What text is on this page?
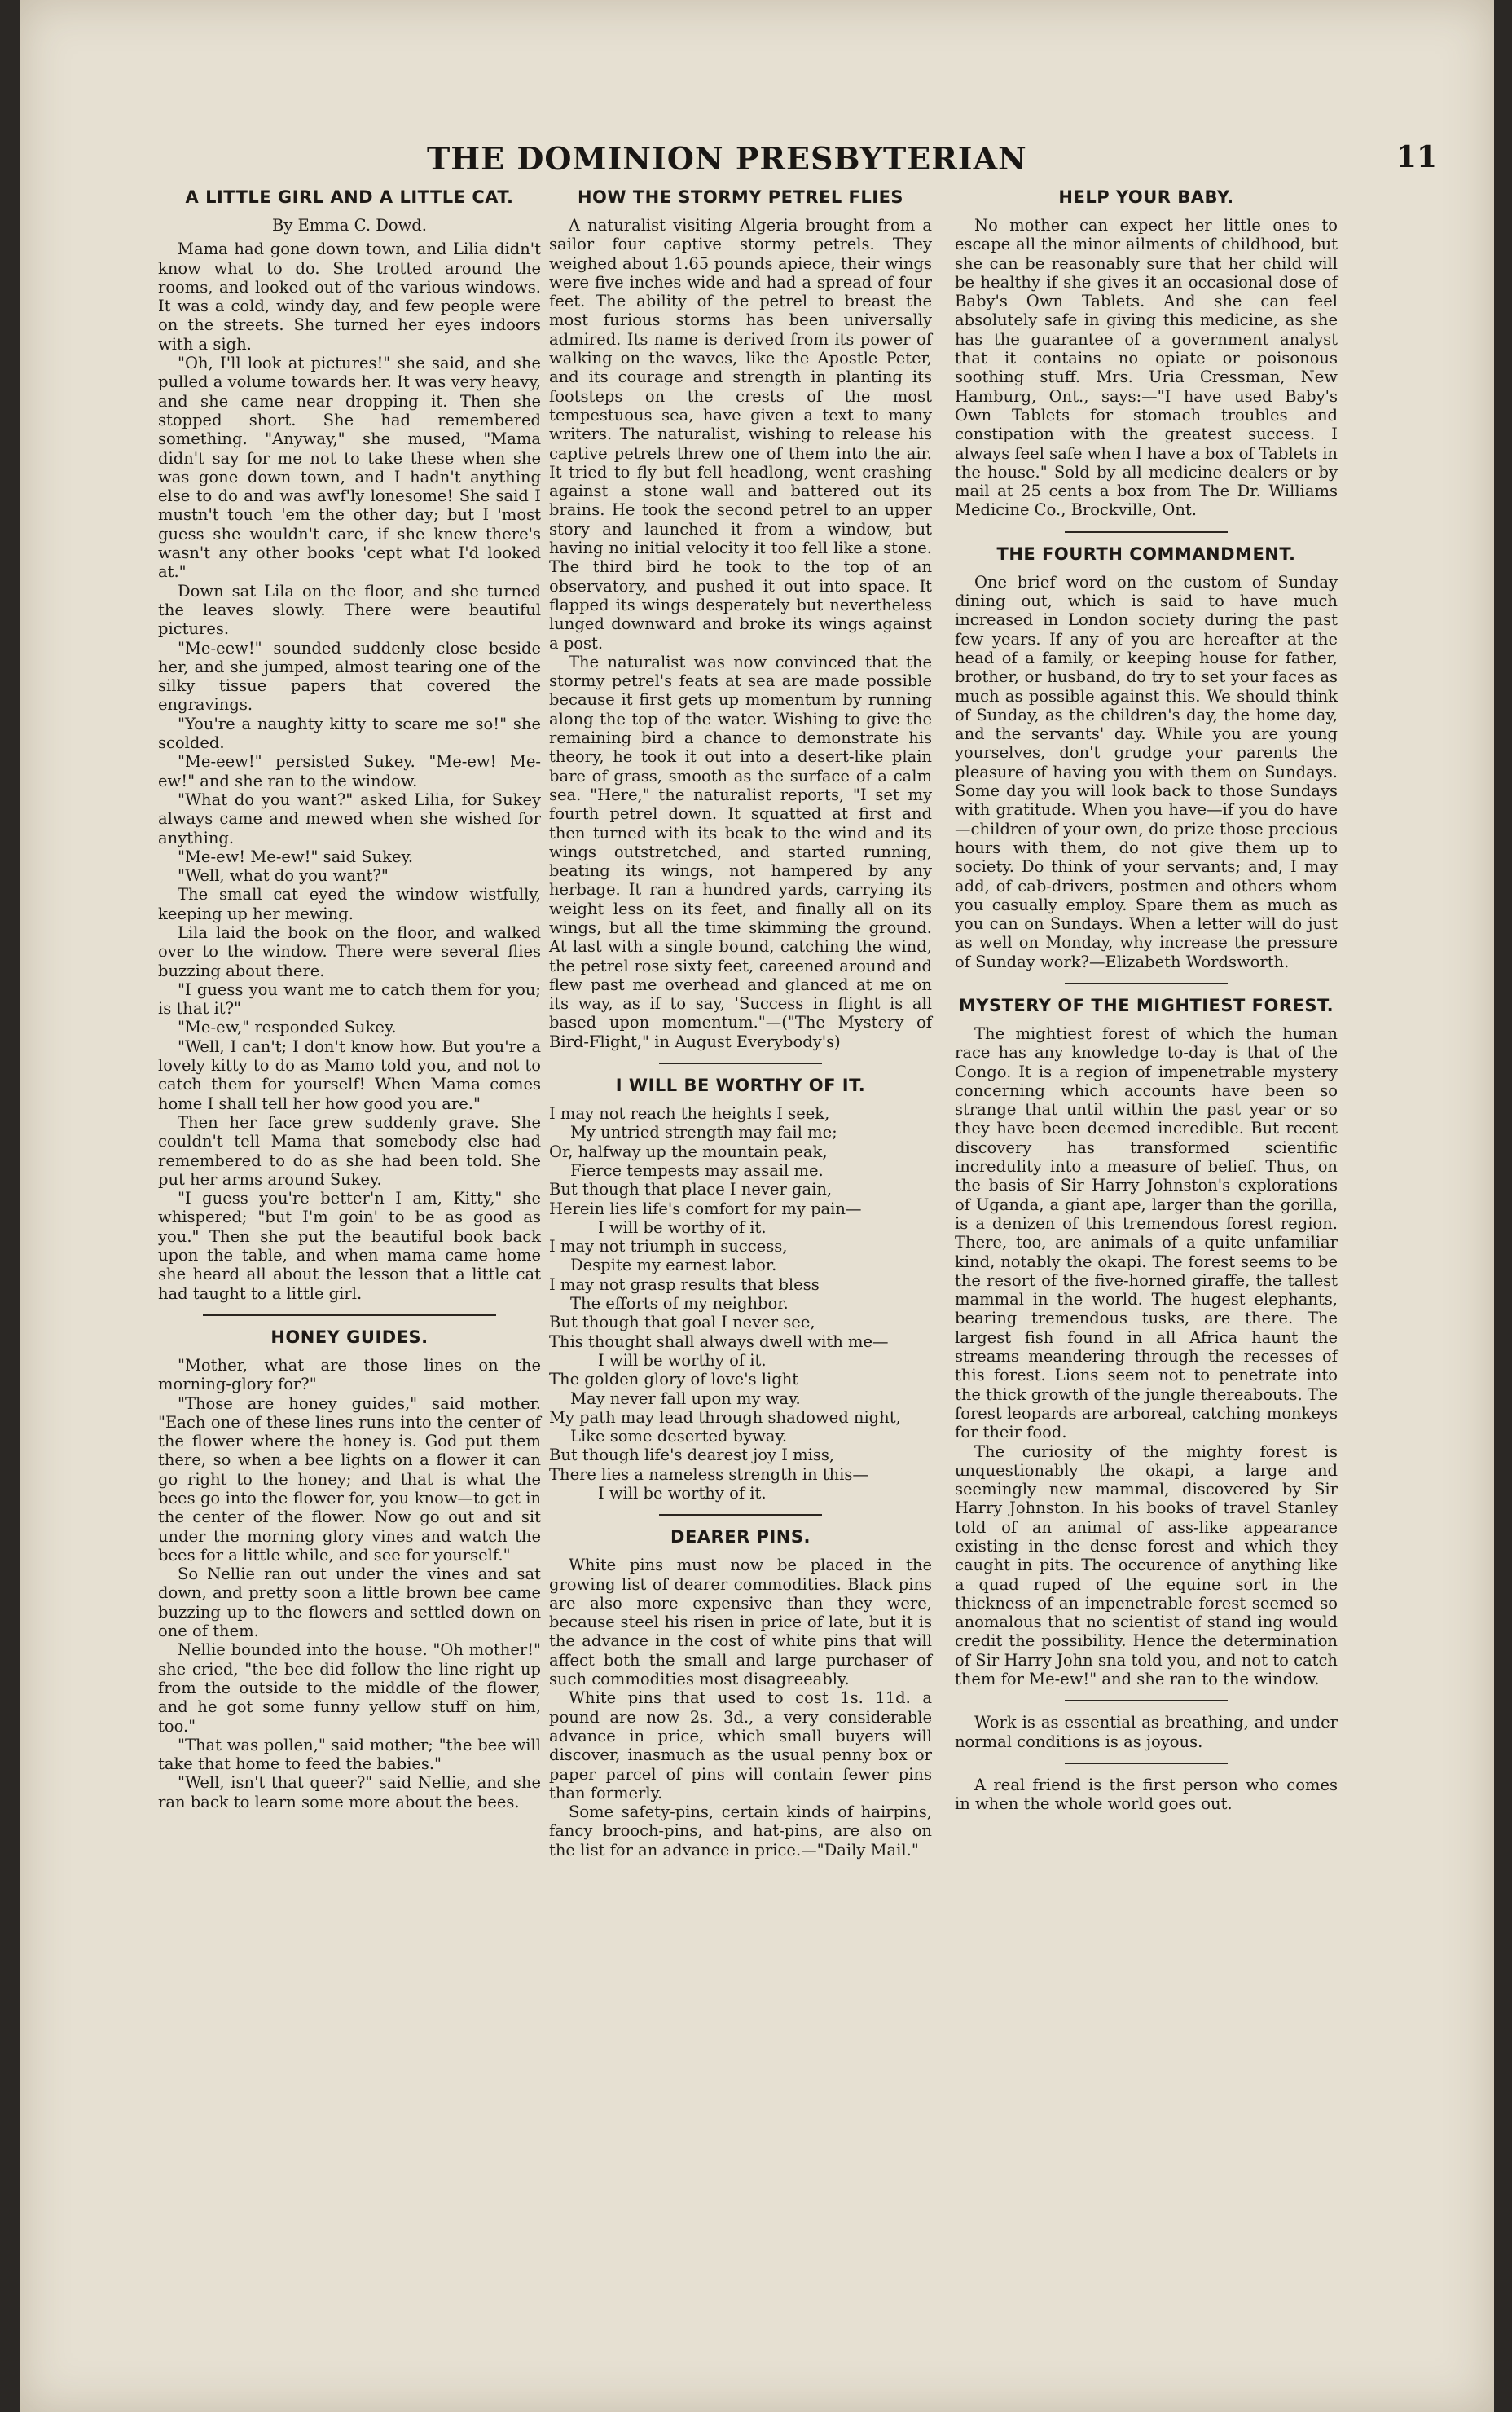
THE DOMINION PRESBYTERIAN	11
A LITTLE GIRL AND A LITTLE CAT.
By Emma C. Dowd.

Mama had gone down town, and Lilia didn't know what to do. She trotted around the rooms, and looked out of the various windows. It was a cold, windy day, and few people were on the streets. She turned her eyes indoors with a sigh.

"Oh, I'll look at pictures!" she said, and she pulled a volume towards her. It was very heavy, and she came near dropping it. Then she stopped short. She had remembered something. "Anyway," she mused, "Mama didn't say for me not to take these when she was gone down town, and I hadn't anything else to do and was awf'ly lonesome! She said I mustn't touch 'em the other day; but I 'most guess she wouldn't care, if she knew there's wasn't any other books 'cept what I'd looked at."

Down sat Lila on the floor, and she turned the leaves slowly. There were beautiful pictures.

"Me-eew!" sounded suddenly close beside her, and she jumped, almost tearing one of the silky tissue papers that covered the engravings.

"You're a naughty kitty to scare me so!" she scolded.

"Me-eew!" persisted Sukey. "Me-ew! Me-ew!" and she ran to the window.

"What do you want?" asked Lilia, for Sukey always came and mewed when she wished for anything.

"Me-ew! Me-ew!" said Sukey.

"Well, what do you want?"

The small cat eyed the window wistfully, keeping up her mewing.

Lila laid the book on the floor, and walked over to the window. There were several flies buzzing about there.

"I guess you want me to catch them for you; is that it?"

"Me-ew," responded Sukey.

"Well, I can't; I don't know how. But you're a lovely kitty to do as Mamo told you, and not to catch them for yourself! When Mama comes home I shall tell her how good you are."

Then her face grew suddenly grave. She couldn't tell Mama that somebody else had remembered to do as she had been told. She put her arms around Sukey.

"I guess you're better'n I am, Kitty," she whispered; "but I'm goin' to be as good as you." Then she put the beautiful book back upon the table, and when mama came home she heard all about the lesson that a little cat had taught to a little girl.

HONEY GUIDES.

"Mother, what are those lines on the morning-glory for?"

"Those are honey guides," said mother. "Each one of these lines runs into the center of the flower where the honey is. God put them there, so when a bee lights on a flower it can go right to the honey; and that is what the bees go into the flower for, you know—to get in the center of the flower. Now go out and sit under the morning glory vines and watch the bees for a little while, and see for yourself."

So Nellie ran out under the vines and sat down, and pretty soon a little brown bee came buzzing up to the flowers and settled down on one of them.

Nellie bounded into the house. "Oh mother!" she cried, "the bee did follow the line right up from the outside to the middle of the flower, and he got some funny yellow stuff on him, too."

"That was pollen," said mother; "the bee will take that home to feed the babies."

"Well, isn't that queer?" said Nellie, and she ran back to learn some more about the bees.

HOW THE STORMY PETREL FLIES

A naturalist visiting Algeria brought from a sailor four captive stormy petrels. They weighed about 1.65 pounds apiece, their wings were five inches wide and had a spread of four feet. The ability of the petrel to breast the most furious storms has been universally admired. Its name is derived from its power of walking on the waves, like the Apostle Peter, and its courage and strength in planting its footsteps on the crests of the most tempestuous sea, have given a text to many writers. The naturalist, wishing to release his captive petrels threw one of them into the air. It tried to fly but fell headlong, went crashing against a stone wall and battered out its brains. He took the second petrel to an upper story and launched it from a window, but having no initial velocity it too fell like a stone. The third bird he took to the top of an observatory, and pushed it out into space. It flapped its wings desperately but nevertheless lunged downward and broke its wings against a post.

The naturalist was now convinced that the stormy petrel's feats at sea are made possible because it first gets up momentum by running along the top of the water. Wishing to give the remaining bird a chance to demonstrate his theory, he took it out into a desert-like plain bare of grass, smooth as the surface of a calm sea. "Here," the naturalist reports, "I set my fourth petrel down. It squatted at first and then turned with its beak to the wind and its wings outstretched, and started running, beating its wings, not hampered by any herbage. It ran a hundred yards, carrying its weight less on its feet, and finally all on its wings, but all the time skimming the ground. At last with a single bound, catching the wind, the petrel rose sixty feet, careened around and flew past me overhead and glanced at me on its way, as if to say, 'Success in flight is all based upon momentum."—("The Mystery of Bird-Flight," in August Everybody's)

I WILL BE WORTHY OF IT.

I may not reach the heights I seek,

My untried strength may fail me;

Or, halfway up the mountain peak,

Fierce tempests may assail me.

But though that place I never gain,

Herein lies life's comfort for my pain—

I will be worthy of it.

I may not triumph in success,

Despite my earnest labor.

I may not grasp results that bless

The efforts of my neighbor.

But though that goal I never see,

This thought shall always dwell with me—

I will be worthy of it.

The golden glory of love's light

May never fall upon my way.

My path may lead through shadowed night,

Like some deserted byway.

But though life's dearest joy I miss,

There lies a nameless strength in this—

I will be worthy of it.

DEARER PINS.

White pins must now be placed in the growing list of dearer commodities. Black pins are also more expensive than they were, because steel his risen in price of late, but it is the advance in the cost of white pins that will affect both the small and large purchaser of such commodities most disagreeably.

White pins that used to cost 1s. 11d. a pound are now 2s. 3d., a very considerable advance in price, which small buyers will discover, inasmuch as the usual penny box or paper parcel of pins will contain fewer pins than formerly.

Some safety-pins, certain kinds of hairpins, fancy brooch-pins, and hat-pins, are also on the list for an advance in price.—"Daily Mail."

HELP YOUR BABY.

No mother can expect her little ones to escape all the minor ailments of childhood, but she can be reasonably sure that her child will be healthy if she gives it an occasional dose of Baby's Own Tablets. And she can feel absolutely safe in giving this medicine, as she has the guarantee of a government analyst that it contains no opiate or poisonous soothing stuff. Mrs. Uria Cressman, New Hamburg, Ont., says:—"I have used Baby's Own Tablets for stomach troubles and constipation with the greatest success. I always feel safe when I have a box of Tablets in the house." Sold by all medicine dealers or by mail at 25 cents a box from The Dr. Williams Medicine Co., Brockville, Ont.

THE FOURTH COMMANDMENT.

One brief word on the custom of Sunday dining out, which is said to have much increased in London society during the past few years. If any of you are hereafter at the head of a family, or keeping house for father, brother, or husband, do try to set your faces as much as possible against this. We should think of Sunday, as the children's day, the home day, and the servants' day. While you are young yourselves, don't grudge your parents the pleasure of having you with them on Sundays. Some day you will look back to those Sundays with gratitude. When you have—if you do have—children of your own, do prize those precious hours with them, do not give them up to society. Do think of your servants; and, I may add, of cab-drivers, postmen and others whom you casually employ. Spare them as much as you can on Sundays. When a letter will do just as well on Monday, why increase the pressure of Sunday work?—Elizabeth Wordsworth.

MYSTERY OF THE MIGHTIEST FOREST.

The mightiest forest of which the human race has any knowledge to-day is that of the Congo. It is a region of impenetrable mystery concerning which accounts have been so strange that until within the past year or so they have been deemed incredible. But recent discovery has transformed scientific incredulity into a measure of belief. Thus, on the basis of Sir Harry Johnston's explorations of Uganda, a giant ape, larger than the gorilla, is a denizen of this tremendous forest region. There, too, are animals of a quite unfamiliar kind, notably the okapi. The forest seems to be the resort of the five-horned giraffe, the tallest mammal in the world. The hugest elephants, bearing tremendous tusks, are there. The largest fish found in all Africa haunt the streams meandering through the recesses of this forest. Lions seem not to penetrate into the thick growth of the jungle thereabouts. The forest leopards are arboreal, catching monkeys for their food.

The curiosity of the mighty forest is unquestionably the okapi, a large and seemingly new mammal, discovered by Sir Harry Johnston. In his books of travel Stanley told of an animal of ass-like appearance existing in the dense forest and which they caught in pits. The occurence of anything like a quad ruped of the equine sort in the thickness of an impenetrable forest seemed so anomalous that no scientist of stand ing would credit the possibility. Hence the determination of Sir Harry John sna told you, and not to catch them for Me-ew!" and she ran to the window.

Work is as essential as breathing, and under normal conditions is as joyous.

A real friend is the first person who comes in when the whole world goes out.
